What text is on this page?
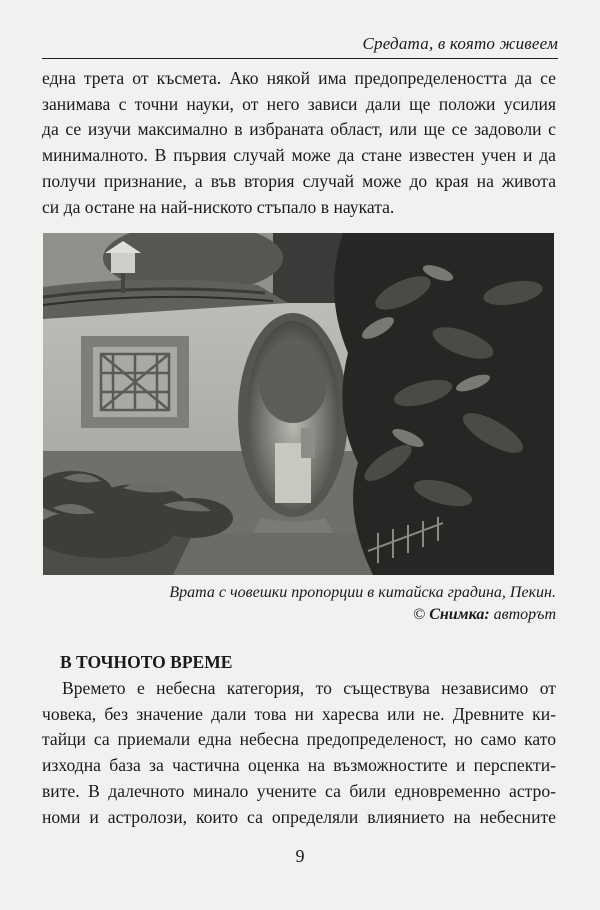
Средата, в която живеем

една трета от късмета. Ако някой има предопределеността да се
занимава с точни науки, от него зависи дали ще положи усилия
да се изучи максимално в избраната област, или ще се задоволи с
минималното. В първия случай може да стане известен учен и да
получи признание, а във втория случай може до края на живота
си да остане на най-ниското стъпало в науката.

Врата с човешки пропорции в китайска градина, Пекин.
© Снимка: авторът
В ТОЧНОТО ВРЕМЕ

Времето е небесна категория, то съществува независимо от
човека, без значение дали това ни харесва или не. Древните ки-
тайци са приемали една небесна предопределеност, но само като
изходна база за частична оценка на възможностите и перспекти-
вите. В далечното минало учените са били едновременно астро-
номи и астролози, които са определяли влиянието на небесните

9
